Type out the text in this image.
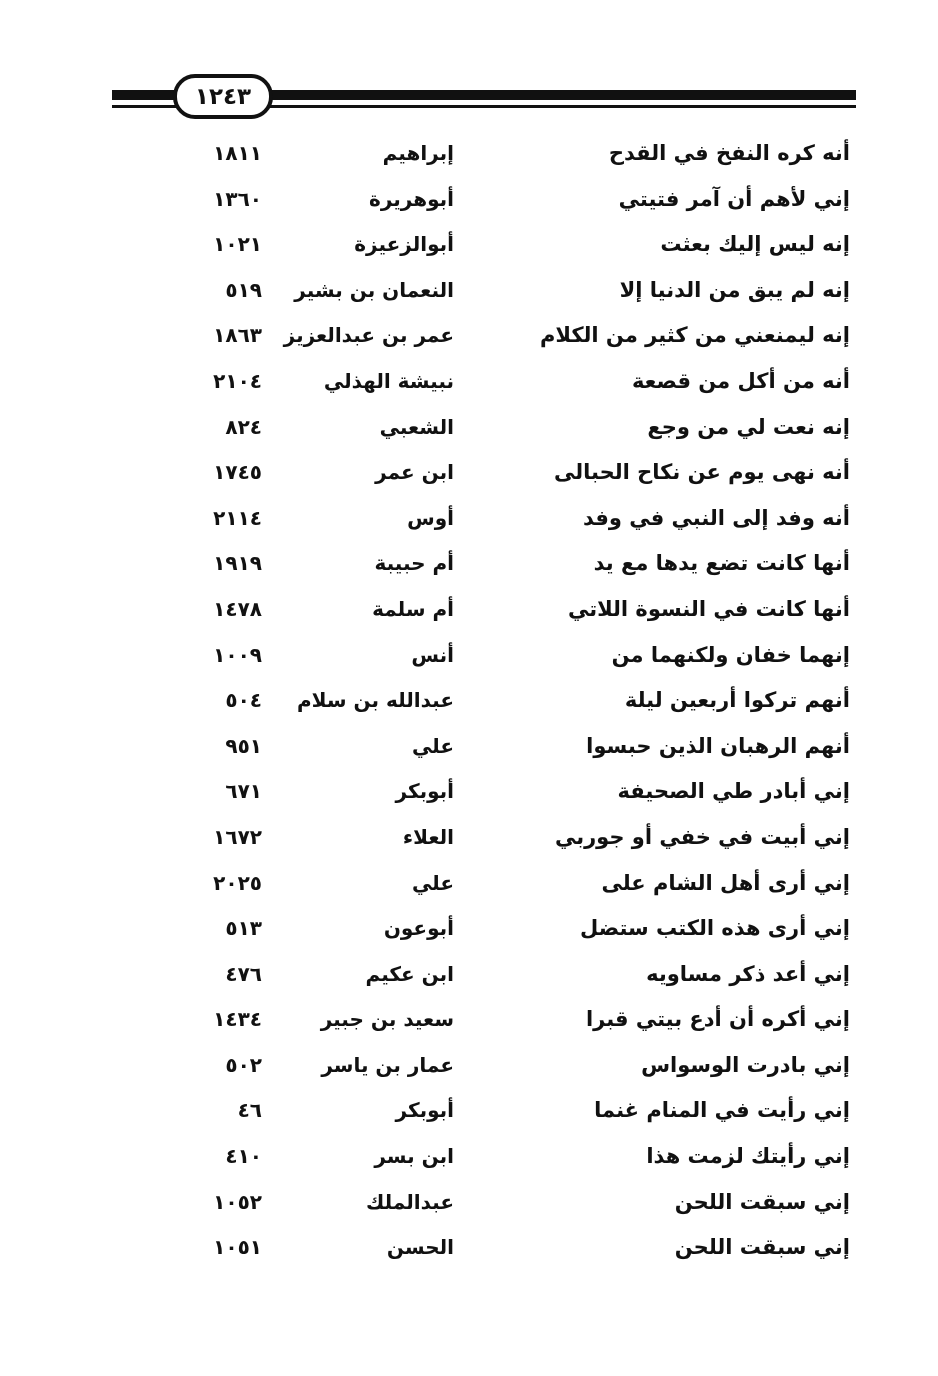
١٢٤٣
أنه كره النفخ في القدح
إبراهيم
١٨١١
إني لأهم أن آمر فتيتي
أبوهريرة
١٣٦٠
إنه ليس إليك بعثت
أبوالزعيزة
١٠٢١
إنه لم يبق من الدنيا إلا
النعمان بن بشير
٥١٩
إنه ليمنعني من كثير من الكلام
عمر بن عبدالعزيز
١٨٦٣
أنه من أكل من قصعة
نبيشة الهذلي
٢١٠٤
إنه نعت لي من وجع
الشعبي
٨٢٤
أنه نهى يوم عن نكاح الحبالى
ابن عمر
١٧٤٥
أنه وفد إلى النبي في وفد
أوس
٢١١٤
أنها كانت تضع يدها مع يد
أم حبيبة
١٩١٩
أنها كانت في النسوة اللاتي
أم سلمة
١٤٧٨
إنهما خفان ولكنهما من
أنس
١٠٠٩
أنهم تركوا أربعين ليلة
عبدالله بن سلام
٥٠٤
أنهم الرهبان الذين حبسوا
علي
٩٥١
إني أبادر طي الصحيفة
أبوبكر
٦٧١
إني أبيت في خفي أو جوربي
العلاء
١٦٧٢
إني أرى أهل الشام على
علي
٢٠٢٥
إني أرى هذه الكتب ستضل
أبوعون
٥١٣
إني أعد ذكر مساويه
ابن عكيم
٤٧٦
إني أكره أن أدع بيتي قبرا
سعيد بن جبير
١٤٣٤
إني بادرت الوسواس
عمار بن ياسر
٥٠٢
إني رأيت في المنام غنما
أبوبكر
٤٦
إني رأيتك لزمت هذا
ابن بسر
٤١٠
إني سبقت اللحن
عبدالملك
١٠٥٢
إني سبقت اللحن
الحسن
١٠٥١
